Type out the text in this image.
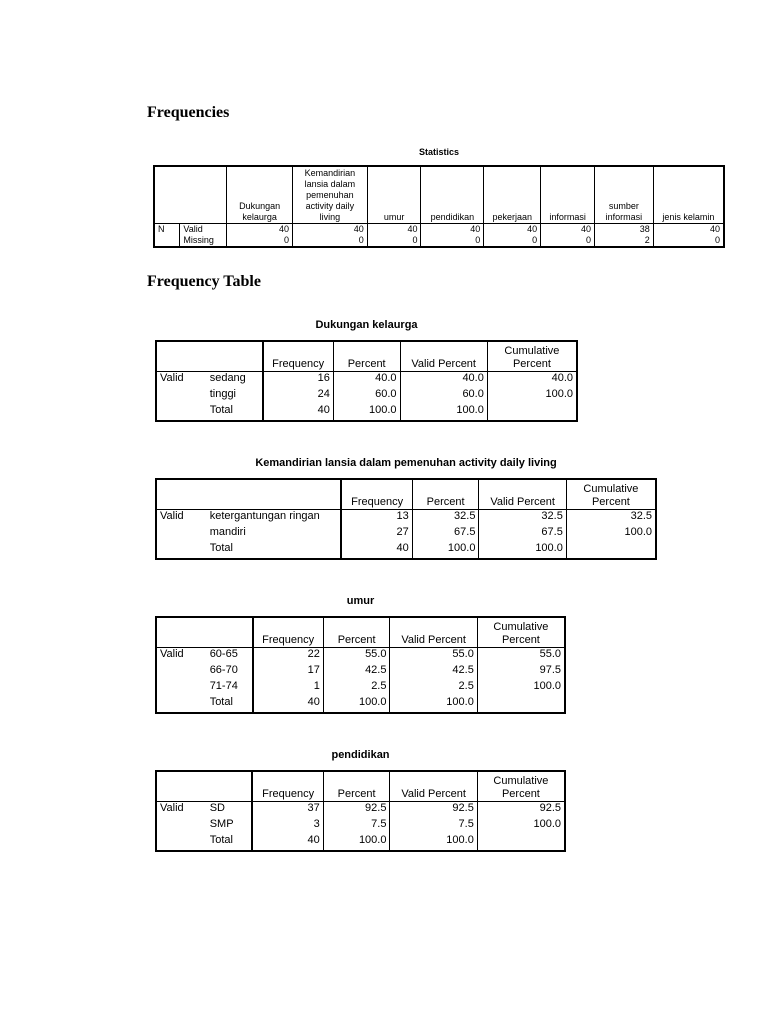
Frequencies
Frequency Table
Statistics
		Dukungan kelaurga	Kemandirian lansia dalam pemenuhan activity daily living	umur	pendidikan	pekerjaan	informasi	sumber informasi	jenis kelamin
N	Valid	40	40	40	40	40	40	38	40
	Missing	0	0	0	0	0	0	2	0
Dukungan kelaurga
		Frequency	Percent	Valid Percent	Cumulative Percent
Valid	sedang	16	40.0	40.0	40.0
	tinggi	24	60.0	60.0	100.0
	Total	40	100.0	100.0	
Kemandirian lansia dalam pemenuhan activity daily living
		Frequency	Percent	Valid Percent	Cumulative Percent
Valid	ketergantungan ringan	13	32.5	32.5	32.5
	mandiri	27	67.5	67.5	100.0
	Total	40	100.0	100.0	
umur
		Frequency	Percent	Valid Percent	Cumulative Percent
Valid	60-65	22	55.0	55.0	55.0
	66-70	17	42.5	42.5	97.5
	71-74	1	2.5	2.5	100.0
	Total	40	100.0	100.0	
pendidikan
		Frequency	Percent	Valid Percent	Cumulative Percent
Valid	SD	37	92.5	92.5	92.5
	SMP	3	7.5	7.5	100.0
	Total	40	100.0	100.0	
